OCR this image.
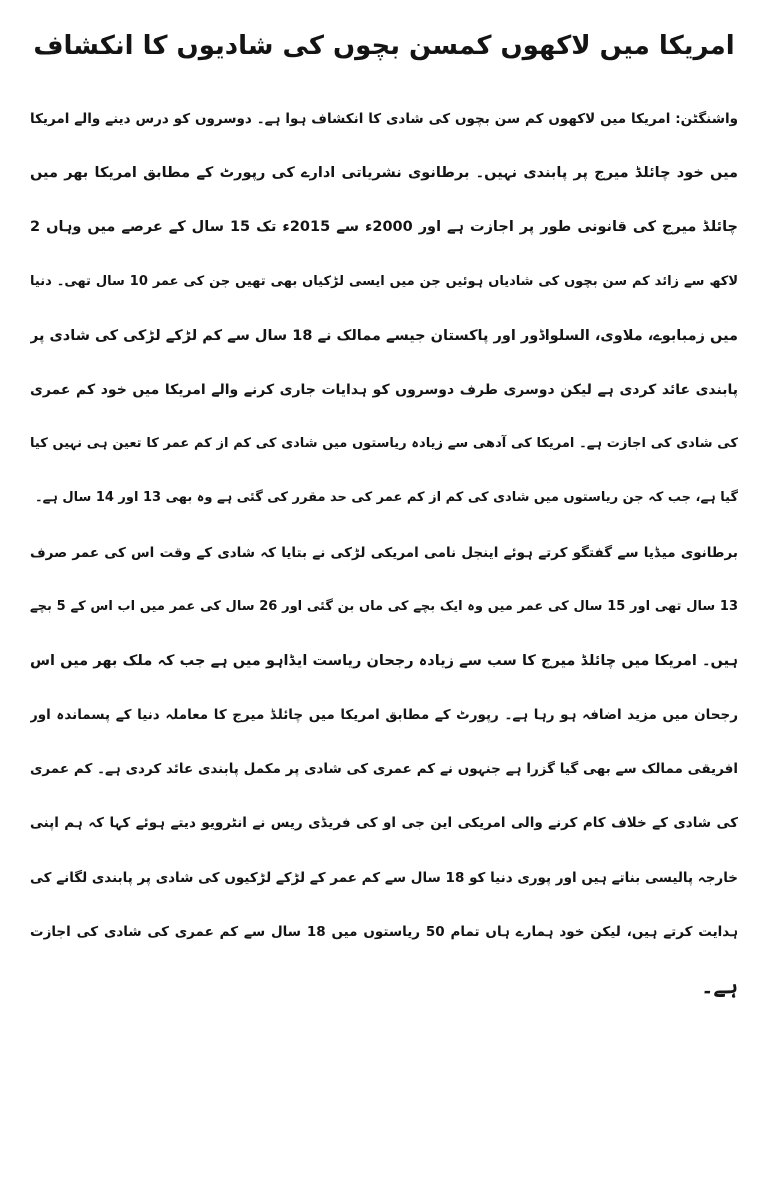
امریکا میں لاکھوں کمسن بچوں کی شادیوں کا انکشاف

واشنگٹن: امریکا میں لاکھوں کم سن بچوں کی شادی کا انکشاف ہوا ہے۔ دوسروں کو درس دینے والے امریکا
میں خود چائلڈ میرج پر پابندی نہیں۔ برطانوی نشریاتی ادارے کی رپورٹ کے مطابق امریکا بھر میں
چائلڈ میرج کی قانونی طور پر اجازت ہے اور 2000ء سے 2015ء تک 15 سال کے عرصے میں وہاں 2
لاکھ سے زائد کم سن بچوں کی شادیاں ہوئیں جن میں ایسی لڑکیاں بھی تھیں جن کی عمر 10 سال تھی۔ دنیا
میں زمبابوے، ملاوی، السلواڈور اور پاکستان جیسے ممالک نے 18 سال سے کم لڑکے لڑکی کی شادی پر
پابندی عائد کردی ہے لیکن دوسری طرف دوسروں کو ہدایات جاری کرنے والے امریکا میں خود کم عمری
کی شادی کی اجازت ہے۔ امریکا کی آدھی سے زیادہ ریاستوں میں شادی کی کم از کم عمر کا تعین ہی نہیں کیا
گیا ہے، جب کہ جن ریاستوں میں شادی کی کم از کم عمر کی حد مقرر کی گئی ہے وہ بھی 13 اور 14 سال ہے۔

برطانوی میڈیا سے گفتگو کرتے ہوئے اینجل نامی امریکی لڑکی نے بتایا کہ شادی کے وقت اس کی عمر صرف
13 سال تھی اور 15 سال کی عمر میں وہ ایک بچے کی ماں بن گئی اور 26 سال کی عمر میں اب اس کے 5 بچے
ہیں۔ امریکا میں چائلڈ میرج کا سب سے زیادہ رجحان ریاست ایڈاہو میں ہے جب کہ ملک بھر میں اس
رجحان میں مزید اضافہ ہو رہا ہے۔ رپورٹ کے مطابق امریکا میں چائلڈ میرج کا معاملہ دنیا کے پسماندہ اور
افریقی ممالک سے بھی گیا گزرا ہے جنہوں نے کم عمری کی شادی پر مکمل پابندی عائد کردی ہے۔ کم عمری
کی شادی کے خلاف کام کرنے والی امریکی این جی او کی فریڈی ریس نے انٹرویو دیتے ہوئے کہا کہ ہم اپنی
خارجہ پالیسی بناتے ہیں اور پوری دنیا کو 18 سال سے کم عمر کے لڑکے لڑکیوں کی شادی پر پابندی لگانے کی
ہدایت کرتے ہیں، لیکن خود ہمارے ہاں تمام 50 ریاستوں میں 18 سال سے کم عمری کی شادی کی اجازت
ہے۔
